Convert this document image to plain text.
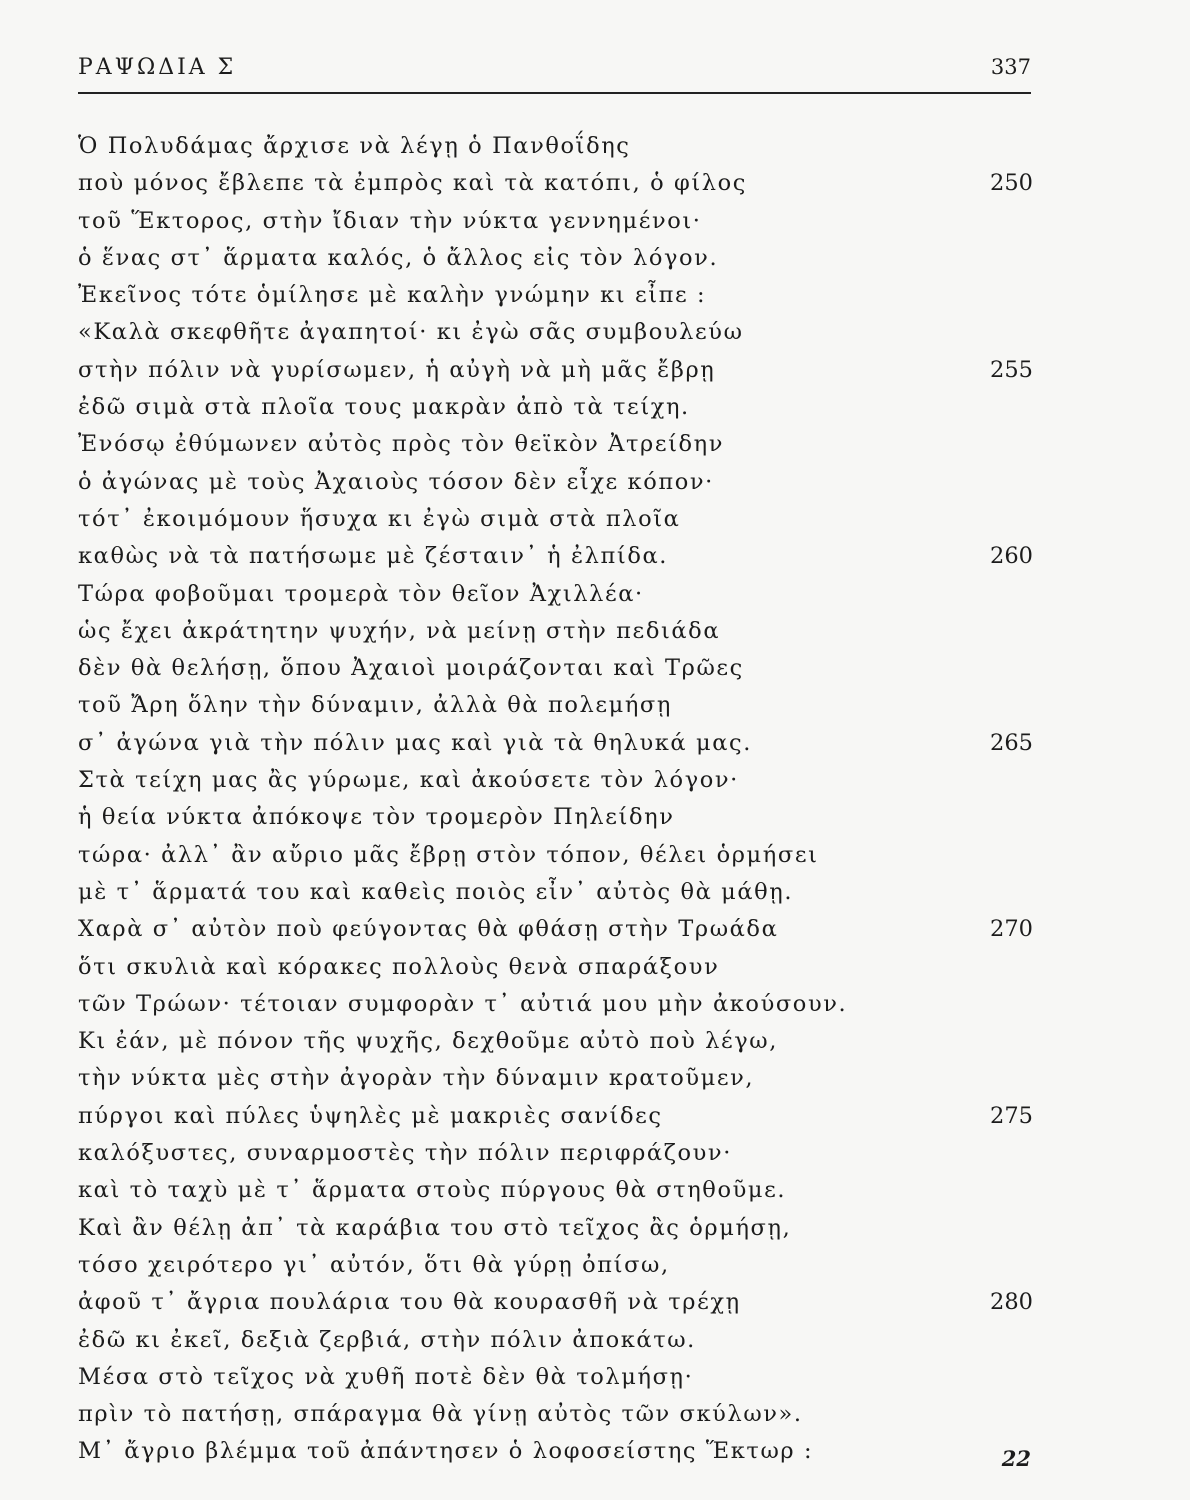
ΡΑΨΩΔΙΑ Σ	337
Ὁ Πολυδάμας ἄρχισε νὰ λέγῃ ὁ Πανθοΐδης
ποὺ μόνος ἔβλεπε τὰ ἐμπρὸς καὶ τὰ κατόπι, ὁ φίλος	250
τοῦ Ἕκτορος, στὴν ἴδιαν τὴν νύκτα γεννημένοι·
ὁ ἕνας στ᾽ ἅρματα καλός, ὁ ἄλλος εἰς τὸν λόγον.
Ἐκεῖνος τότε ὁμίλησε μὲ καλὴν γνώμην κι εἶπε :
«Καλὰ σκεφθῆτε ἀγαπητοί· κι ἐγὼ σᾶς συμβουλεύω
στὴν πόλιν νὰ γυρίσωμεν, ἡ αὐγὴ νὰ μὴ μᾶς ἔβρῃ	255
ἐδῶ σιμὰ στὰ πλοῖα τους μακρὰν ἀπὸ τὰ τείχη.
Ἐνόσῳ ἐθύμωνεν αὐτὸς πρὸς τὸν θεϊκὸν Ἀτρείδην
ὁ ἀγώνας μὲ τοὺς Ἀχαιοὺς τόσον δὲν εἶχε κόπον·
τότ᾽ ἐκοιμόμουν ἥσυχα κι ἐγὼ σιμὰ στὰ πλοῖα
καθὼς νὰ τὰ πατήσωμε μὲ ζέσταιν᾽ ἡ ἐλπίδα.	260
Τώρα φοβοῦμαι τρομερὰ τὸν θεῖον Ἀχιλλέα·
ὡς ἔχει ἀκράτητην ψυχήν, νὰ μείνῃ στὴν πεδιάδα
δὲν θὰ θελήσῃ, ὅπου Ἀχαιοὶ μοιράζονται καὶ Τρῶες
τοῦ Ἄρη ὅλην τὴν δύναμιν, ἀλλὰ θὰ πολεμήσῃ
σ᾽ ἀγώνα γιὰ τὴν πόλιν μας καὶ γιὰ τὰ θηλυκά μας.	265
Στὰ τείχη μας ἂς γύρωμε, καὶ ἀκούσετε τὸν λόγον·
ἡ θεία νύκτα ἀπόκοψε τὸν τρομερὸν Πηλείδην
τώρα· ἀλλ᾽ ἂν αὔριο μᾶς ἔβρῃ στὸν τόπον, θέλει ὁρμήσει
μὲ τ᾽ ἅρματά του καὶ καθεὶς ποιὸς εἶν᾽ αὐτὸς θὰ μάθῃ.
Χαρὰ σ᾽ αὐτὸν ποὺ φεύγοντας θὰ φθάσῃ στὴν Τρωάδα	270
ὅτι σκυλιὰ καὶ κόρακες πολλοὺς θενὰ σπαράξουν
τῶν Τρώων· τέτοιαν συμφορὰν τ᾽ αὐτιά μου μὴν ἀκούσουν.
Κι ἐάν, μὲ πόνον τῆς ψυχῆς, δεχθοῦμε αὐτὸ ποὺ λέγω,
τὴν νύκτα μὲς στὴν ἀγορὰν τὴν δύναμιν κρατοῦμεν,
πύργοι καὶ πύλες ὑψηλὲς μὲ μακριὲς σανίδες	275
καλόξυστες, συναρμοστὲς τὴν πόλιν περιφράζουν·
καὶ τὸ ταχὺ μὲ τ᾽ ἅρματα στοὺς πύργους θὰ στηθοῦμε.
Καὶ ἂν θέλῃ ἀπ᾽ τὰ καράβια του στὸ τεῖχος ἂς ὁρμήσῃ,
τόσο χειρότερο γι᾽ αὐτόν, ὅτι θὰ γύρῃ ὀπίσω,
ἀφοῦ τ᾽ ἄγρια πουλάρια του θὰ κουρασθῆ νὰ τρέχῃ	280
ἐδῶ κι ἐκεῖ, δεξιὰ ζερβιά, στὴν πόλιν ἀποκάτω.
Μέσα στὸ τεῖχος νὰ χυθῆ ποτὲ δὲν θὰ τολμήσῃ·
πρὶν τὸ πατήσῃ, σπάραγμα θὰ γίνῃ αὐτὸς τῶν σκύλων».
Μ᾽ ἄγριο βλέμμα τοῦ ἀπάντησεν ὁ λοφοσείστης Ἕκτωρ :	22
